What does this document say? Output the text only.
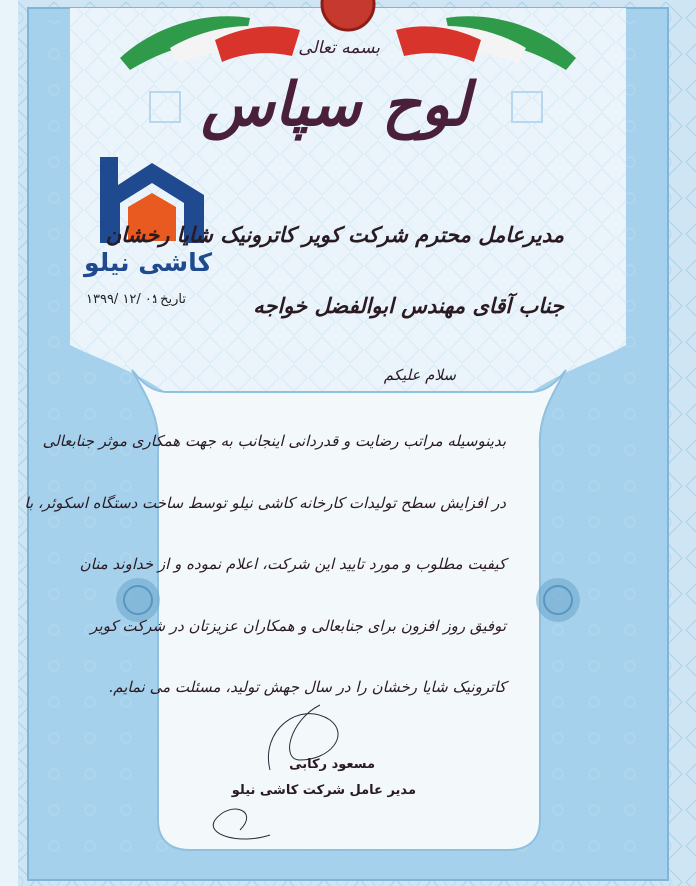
بسمه تعالی
لوح سپاس
کاشی نیلو
تاریخ :
۱۳۹۹/ ۱۲/ ۰۱
مدیرعامل محترم شرکت کویر کاترونیک شایا رخشان
جناب آقای مهندس ابوالفضل خواجه
سلام علیکم
بدینوسیله مراتب رضایت و قدردانی اینجانب به جهت همکاری موثر جنابعالی
در افزایش سطح تولیدات کارخانه کاشی نیلو توسط ساخت دستگاه اسکوئر، با
کیفیت مطلوب و مورد تایید این شرکت، اعلام نموده و از خداوند منان
توفیق روز افزون برای جنابعالی و همکاران عزیزتان در شرکت کویر
کاترونیک شایا رخشان را در سال جهش تولید، مسئلت می نمایم.
مسعود رکابی
مدیر عامل شرکت کاشی نیلو
